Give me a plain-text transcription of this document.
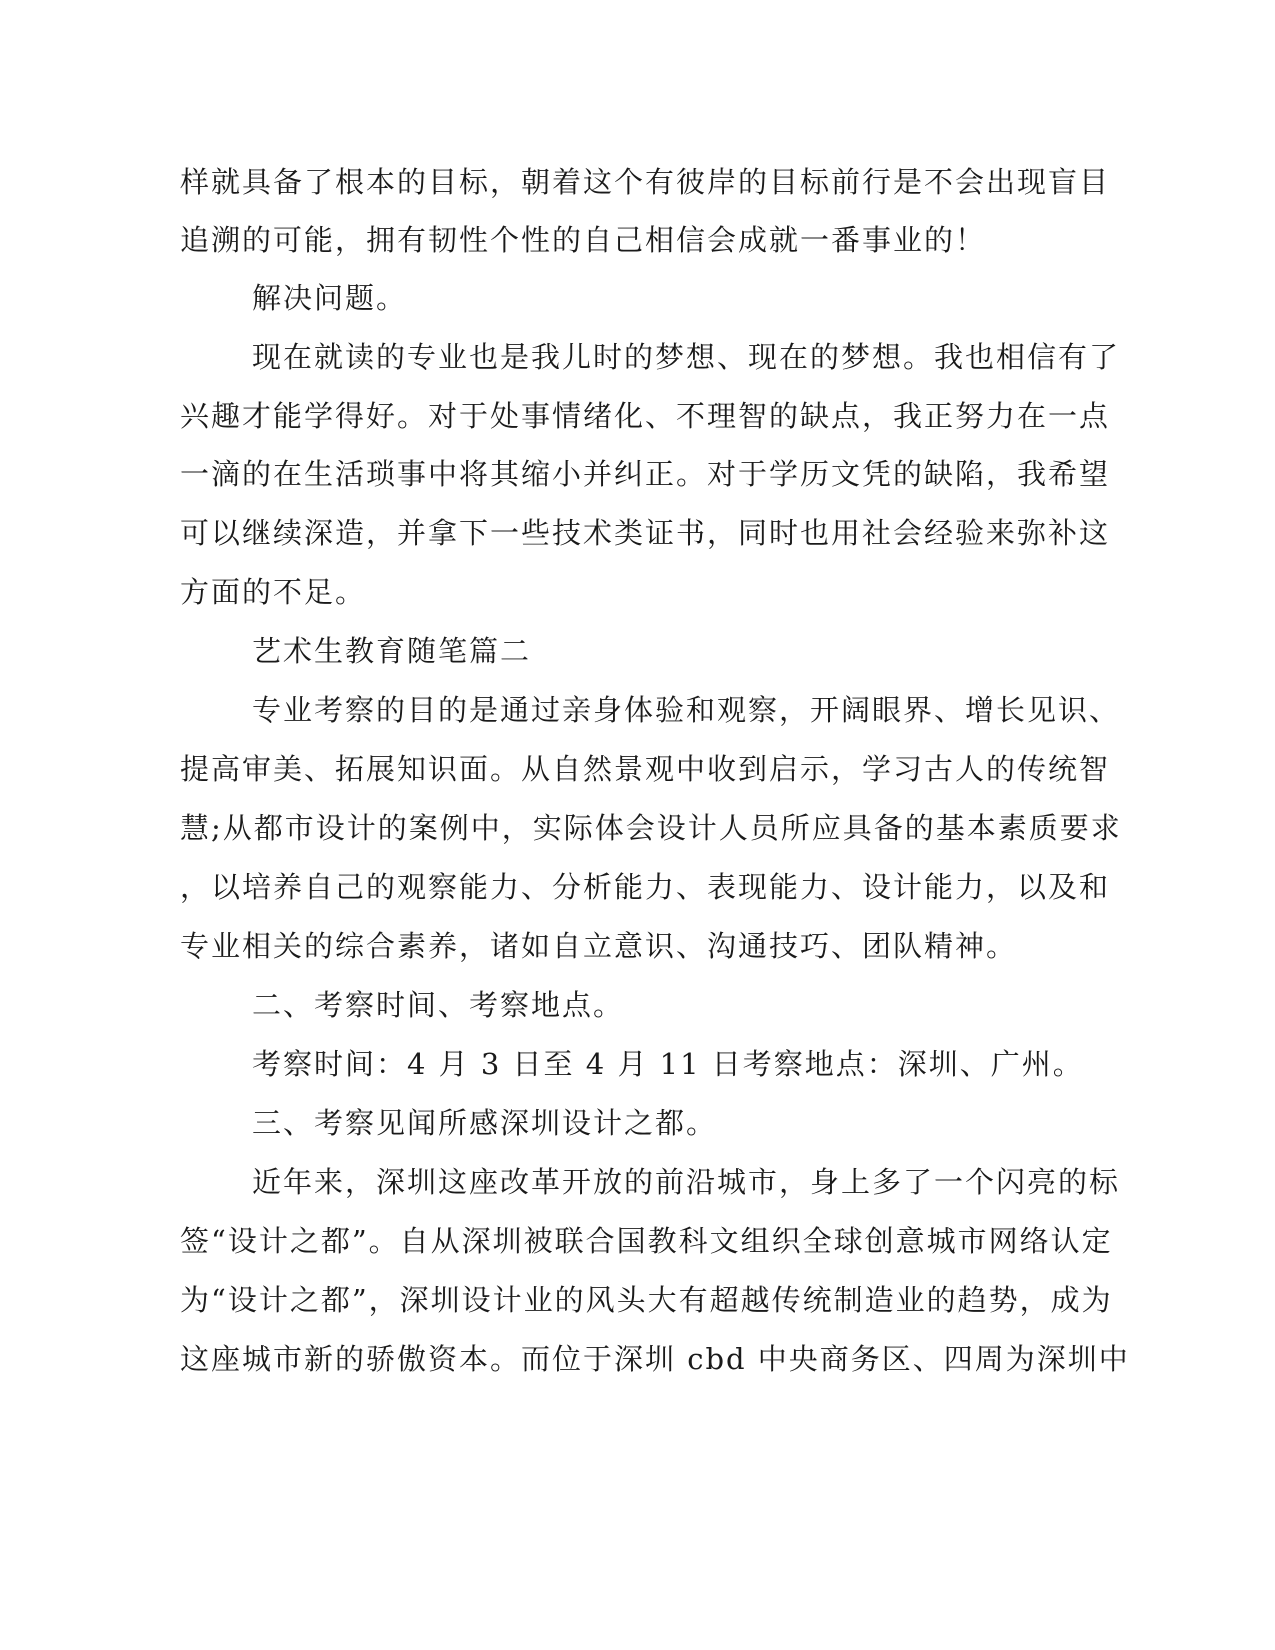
样就具备了根本的目标，朝着这个有彼岸的目标前行是不会出现盲目

追溯的可能，拥有韧性个性的自己相信会成就一番事业的！

解决问题。

现在就读的专业也是我儿时的梦想、现在的梦想。我也相信有了

兴趣才能学得好。对于处事情绪化、不理智的缺点，我正努力在一点

一滴的在生活琐事中将其缩小并纠正。对于学历文凭的缺陷，我希望

可以继续深造，并拿下一些技术类证书，同时也用社会经验来弥补这

方面的不足。

艺术生教育随笔篇二

专业考察的目的是通过亲身体验和观察，开阔眼界、增长见识、

提高审美、拓展知识面。从自然景观中收到启示，学习古人的传统智

慧;从都市设计的案例中，实际体会设计人员所应具备的基本素质要求

，以培养自己的观察能力、分析能力、表现能力、设计能力，以及和

专业相关的综合素养，诸如自立意识、沟通技巧、团队精神。

二、考察时间、考察地点。

考察时间：4 月 3 日至 4 月 11 日考察地点：深圳、广州。

三、考察见闻所感深圳设计之都。

近年来，深圳这座改革开放的前沿城市，身上多了一个闪亮的标

签“设计之都”。自从深圳被联合国教科文组织全球创意城市网络认定

为“设计之都”，深圳设计业的风头大有超越传统制造业的趋势，成为

这座城市新的骄傲资本。而位于深圳 cbd 中央商务区、四周为深圳中
